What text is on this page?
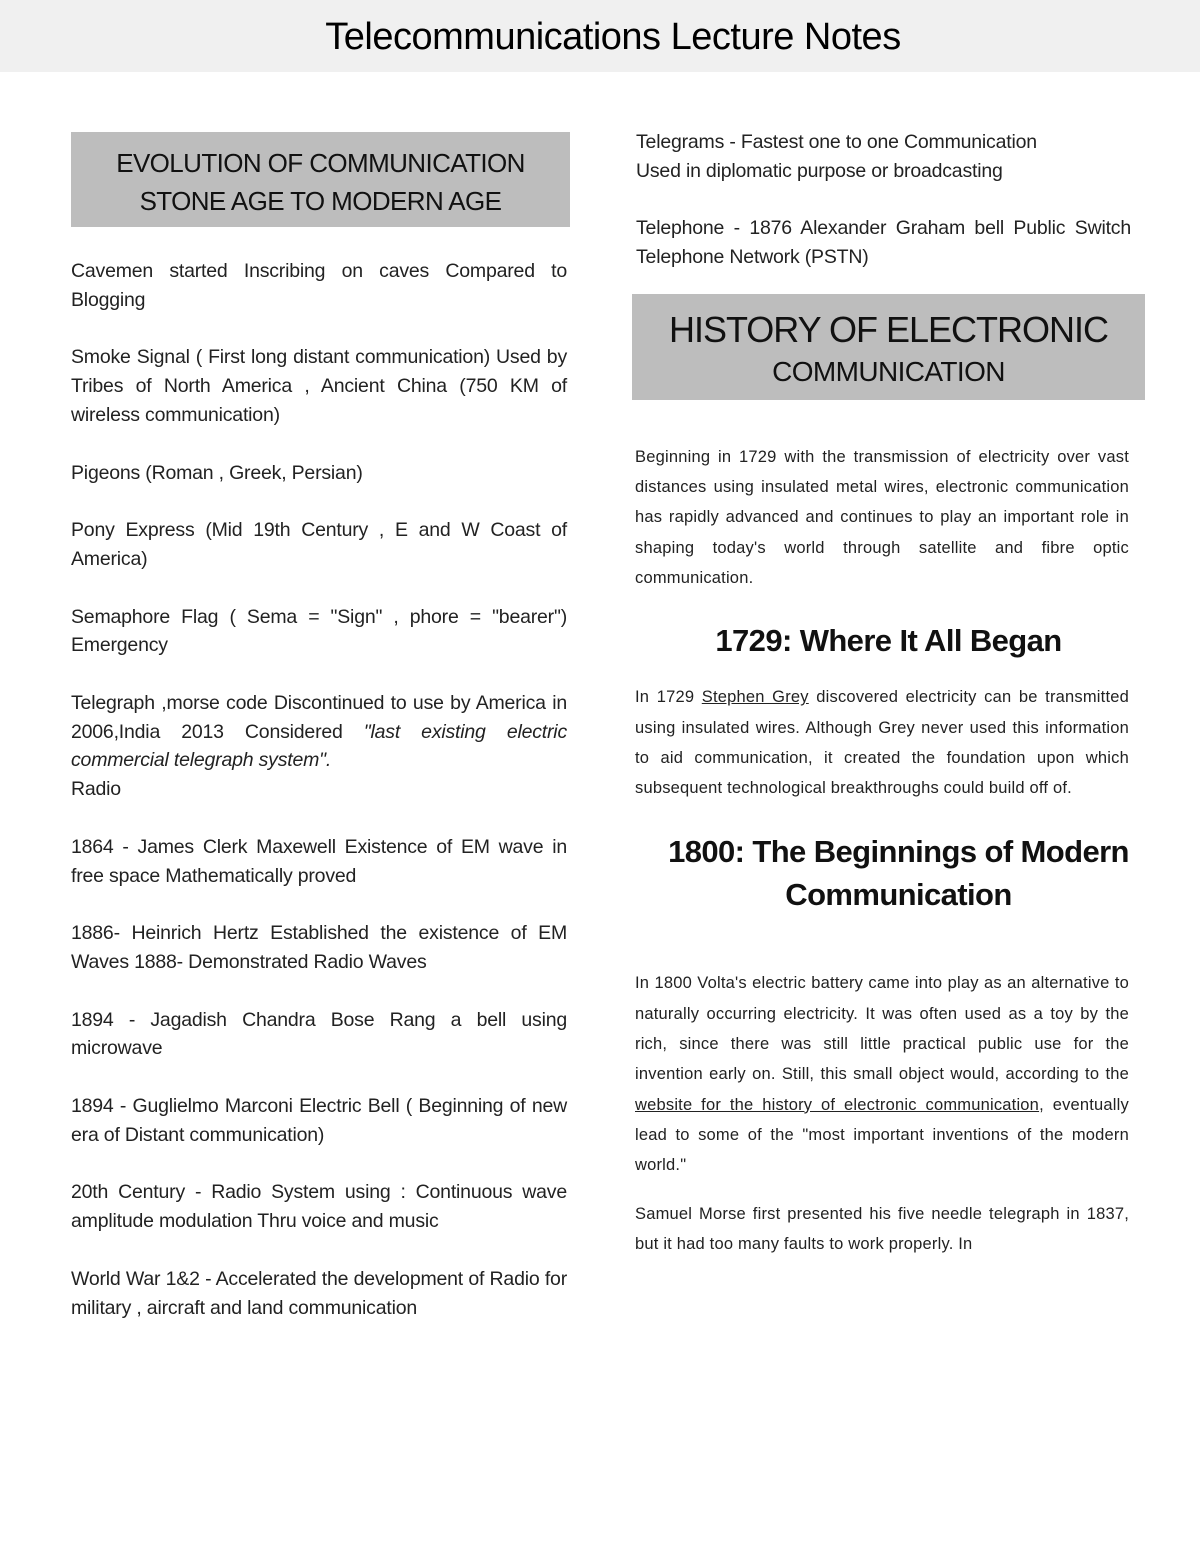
Telecommunications Lecture Notes
EVOLUTION OF COMMUNICATION
STONE AGE TO MODERN AGE

Cavemen started Inscribing on caves Compared to Blogging

Smoke Signal ( First long distant communication) Used by Tribes of North America , Ancient China (750 KM of wireless communication)

Pigeons (Roman , Greek, Persian)

Pony Express (Mid 19th Century , E and W Coast of America)

Semaphore Flag ( Sema = "Sign" , phore = "bearer") Emergency

Telegraph ,morse code Discontinued to use by America in 2006,India 2013 Considered "last existing electric commercial telegraph system".
Radio

1864 - James Clerk Maxewell Existence of EM wave in free space Mathematically proved

1886- Heinrich Hertz Established the existence of EM Waves 1888- Demonstrated Radio Waves

1894 - Jagadish Chandra Bose Rang a bell using microwave

1894 - Guglielmo Marconi Electric Bell ( Beginning of new era of Distant communication)

20th Century - Radio System using : Continuous wave amplitude modulation Thru voice and music

World War 1&2 - Accelerated the development of Radio for military , aircraft and land communication

Telegrams - Fastest one to one Communication
Used in diplomatic purpose or broadcasting

Telephone - 1876 Alexander Graham bell Public Switch Telephone Network (PSTN)

HISTORY OF ELECTRONIC
COMMUNICATION

Beginning in 1729 with the transmission of electricity over vast distances using insulated metal wires, electronic communication has rapidly advanced and continues to play an important role in shaping today's world through satellite and fibre optic communication.

1729: Where It All Began

In 1729 Stephen Grey discovered electricity can be transmitted using insulated wires. Although Grey never used this information to aid communication, it created the foundation upon which subsequent technological breakthroughs could build off of.

1800: The Beginnings of Modern
Communication

In 1800 Volta's electric battery came into play as an alternative to naturally occurring electricity. It was often used as a toy by the rich, since there was still little practical public use for the invention early on. Still, this small object would, according to the website for the history of electronic communication, eventually lead to some of the "most important inventions of the modern world."

Samuel Morse first presented his five needle telegraph in 1837, but it had too many faults to work properly. In
